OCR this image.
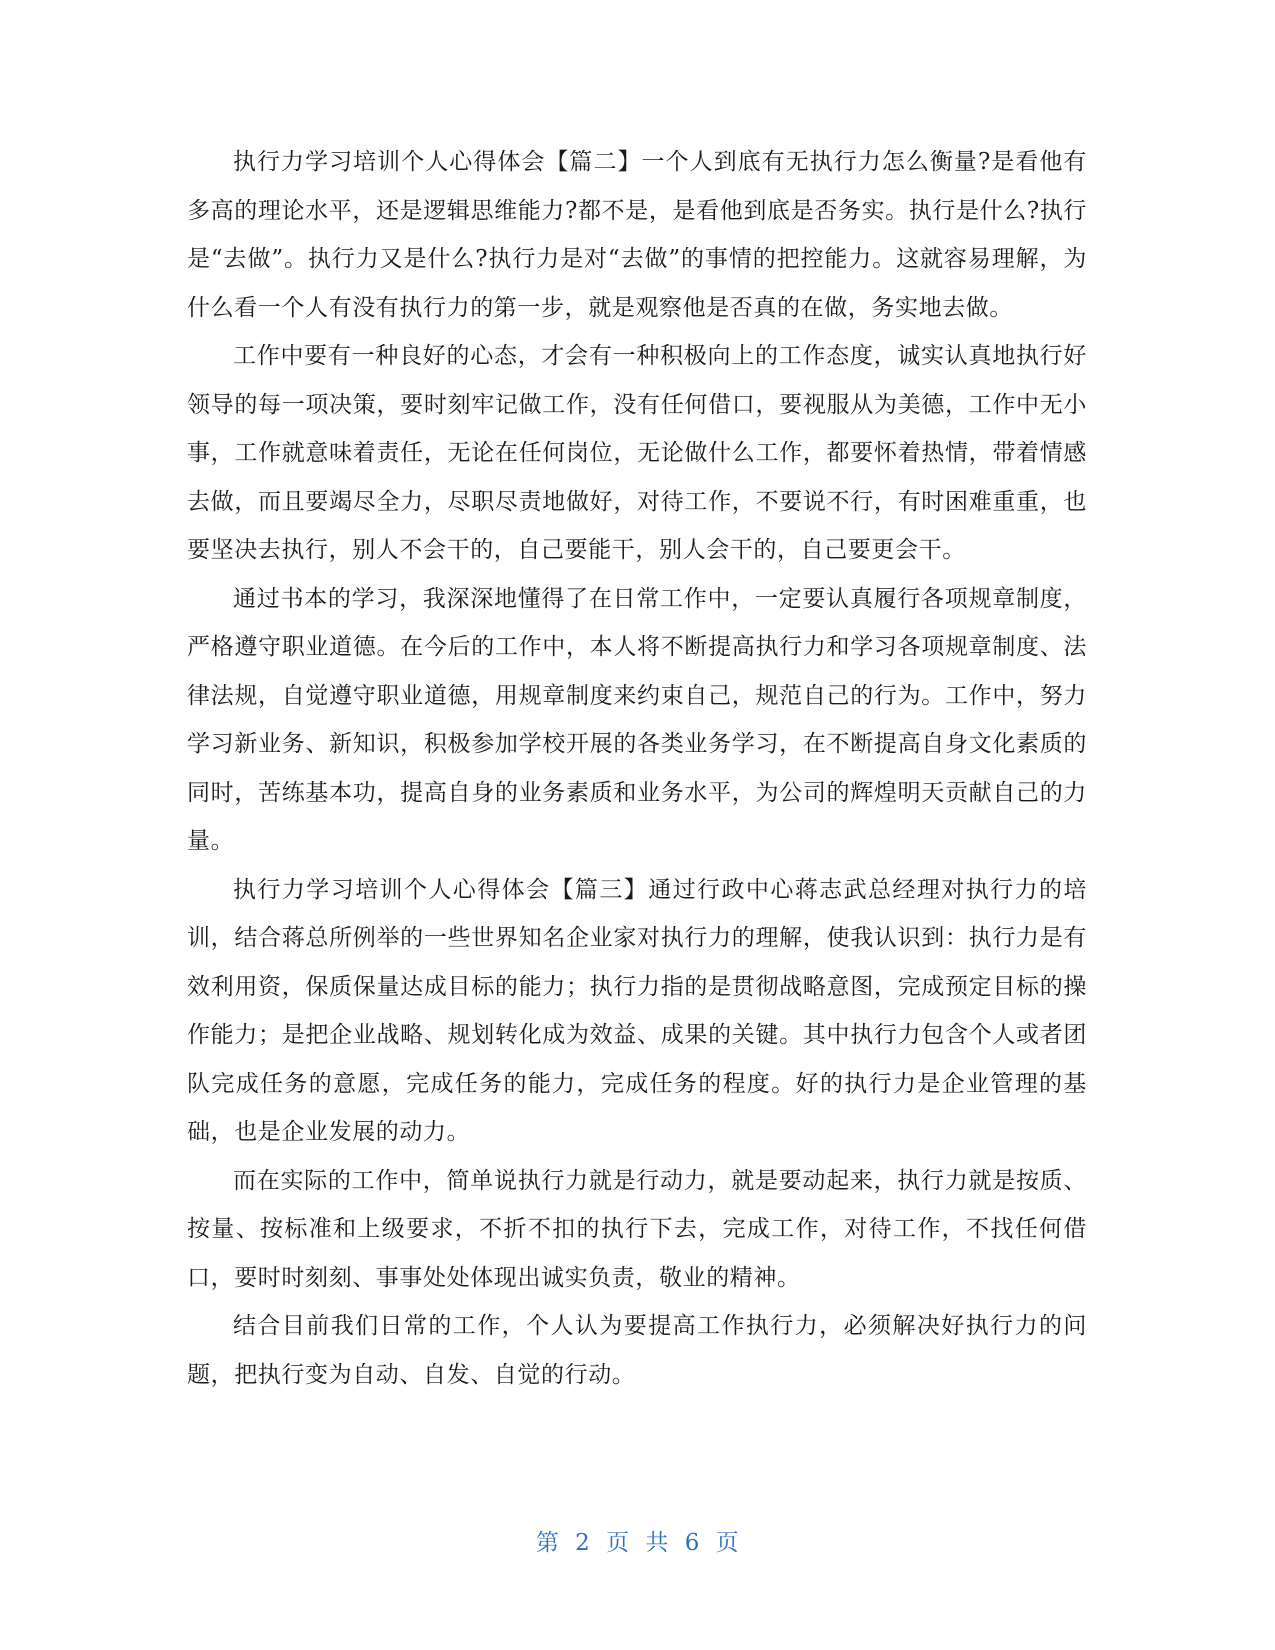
执行力学习培训个人心得体会【篇二】一个人到底有无执行力怎么衡量?是看他有多高的理论水平，还是逻辑思维能力?都不是，是看他到底是否务实。执行是什么?执行是“去做”。执行力又是什么?执行力是对“去做”的事情的把控能力。这就容易理解，为什么看一个人有没有执行力的第一步，就是观察他是否真的在做，务实地去做。

工作中要有一种良好的心态，才会有一种积极向上的工作态度，诚实认真地执行好领导的每一项决策，要时刻牢记做工作，没有任何借口，要视服从为美德，工作中无小事，工作就意味着责任，无论在任何岗位，无论做什么工作，都要怀着热情，带着情感去做，而且要竭尽全力，尽职尽责地做好，对待工作，不要说不行，有时困难重重，也要坚决去执行，别人不会干的，自己要能干，别人会干的，自己要更会干。

通过书本的学习，我深深地懂得了在日常工作中，一定要认真履行各项规章制度，严格遵守职业道德。在今后的工作中，本人将不断提高执行力和学习各项规章制度、法律法规，自觉遵守职业道德，用规章制度来约束自己，规范自己的行为。工作中，努力学习新业务、新知识，积极参加学校开展的各类业务学习，在不断提高自身文化素质的同时，苦练基本功，提高自身的业务素质和业务水平，为公司的辉煌明天贡献自己的力量。

执行力学习培训个人心得体会【篇三】通过行政中心蒋志武总经理对执行力的培训，结合蒋总所例举的一些世界知名企业家对执行力的理解，使我认识到：执行力是有效利用资，保质保量达成目标的能力；执行力指的是贯彻战略意图，完成预定目标的操作能力；是把企业战略、规划转化成为效益、成果的关键。其中执行力包含个人或者团队完成任务的意愿，完成任务的能力，完成任务的程度。好的执行力是企业管理的基础，也是企业发展的动力。

而在实际的工作中，简单说执行力就是行动力，就是要动起来，执行力就是按质、按量、按标准和上级要求，不折不扣的执行下去，完成工作，对待工作，不找任何借口，要时时刻刻、事事处处体现出诚实负责，敬业的精神。

结合目前我们日常的工作，个人认为要提高工作执行力，必须解决好执行力的问题，把执行变为自动、自发、自觉的行动。

第 2 页 共 6 页
